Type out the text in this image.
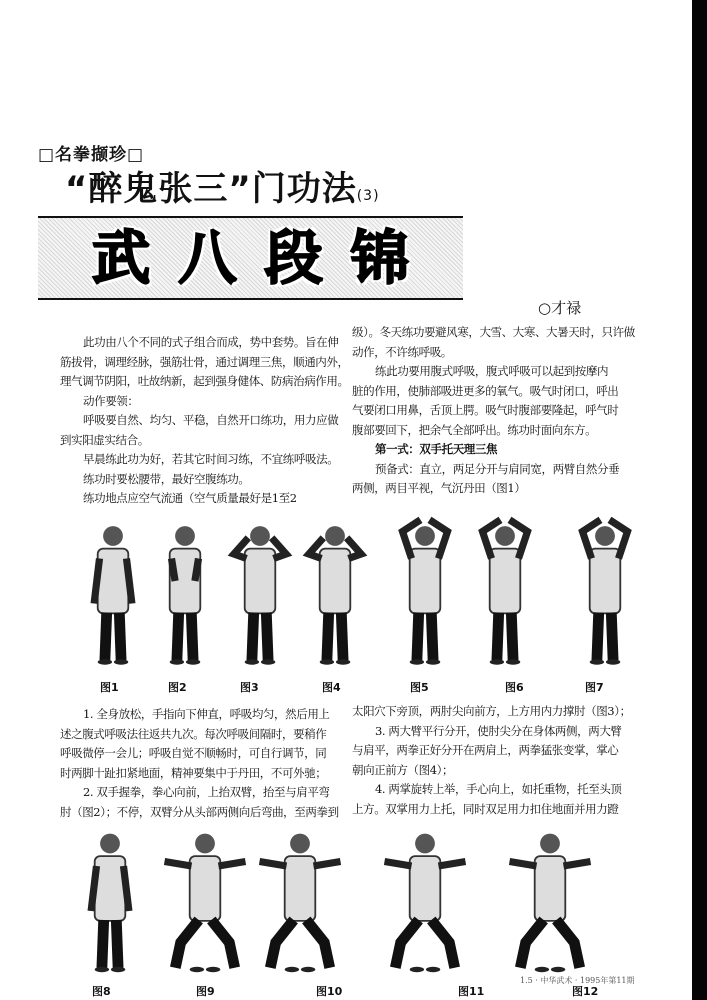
□名拳撷珍□
“醉鬼张三”门功法(3)
武 八 段 锦
○才禄
此功由八个不同的式子组合而成，势中套势。旨在伸
筋拔骨，调理经脉，强筋壮骨，通过调理三焦，顺通内外，
理气调节阴阳，吐故纳新，起到强身健体、防病治病作用。
动作要领：
呼吸要自然、均匀、平稳，自然开口练功，用力应做
到实阳虚实结合。
早晨练此功为好，若其它时间习练，不宜练呼吸法。
练功时要松腰带，最好空腹练功。
练功地点应空气流通（空气质量最好是1至2
级）。冬天练功要避风寒，大雪、大寒、大暑天时，只许做
动作，不许练呼吸。
练此功要用腹式呼吸，腹式呼吸可以起到按摩内
脏的作用，使肺部吸进更多的氧气。吸气时闭口，呼出
气要闭口用鼻，舌顶上腭。吸气时腹部要隆起，呼气时
腹部要回下，把余气全部呼出。练功时面向东方。
第一式：双手托天理三焦
预备式：直立，两足分开与肩同宽，两臂自然分垂
两侧，两目平视，气沉丹田（图1）
1. 全身放松，手指向下伸直，呼吸均匀，然后用上
述之腹式呼吸法往返共九次。每次呼吸间隔时，要稍作
呼吸微停一会儿；呼吸自觉不顺畅时，可自行调节，同
时两脚十趾扣紧地面，精神要集中于丹田，不可外驰；
2. 双手握拳，拳心向前，上抬双臂，抬至与肩平弯
肘（图2）；不停，双臂分从头部两侧向后弯曲，至两拳到
太阳穴下旁顶，两肘尖向前方，上方用内力撑肘（图3）；
3. 两大臂平行分开，使肘尖分在身体两侧，两大臂
与肩平，两拳正好分开在两肩上，两拳猛张变掌，掌心
朝向正前方（图4）；
4. 两掌旋转上举，手心向上，如托重物，托至头顶
上方。双掌用力上托，同时双足用力扣住地面并用力蹬
图1	图2	图3	图4	图5	图6	图7
图8	图9	图10	图11	图12
1.5 · 中华武术 · 1995年第11期
